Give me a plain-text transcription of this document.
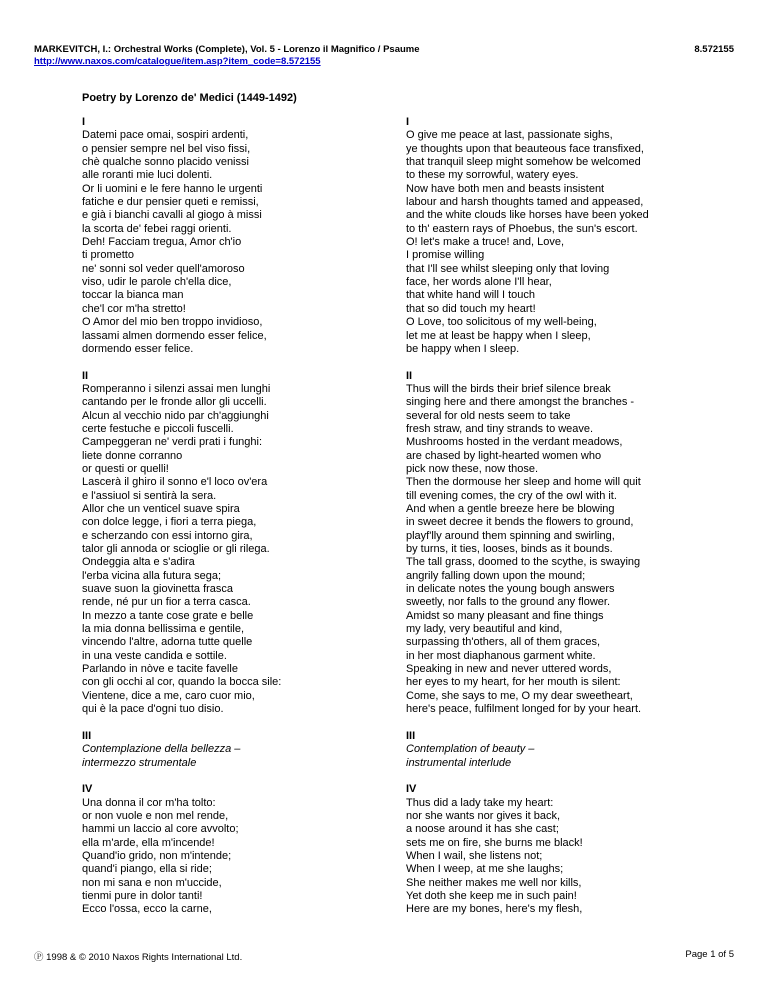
MARKEVITCH, I.: Orchestral Works (Complete), Vol. 5 - Lorenzo il Magnifico / Psaume
http://www.naxos.com/catalogue/item.asp?item_code=8.572155
8.572155
Poetry by Lorenzo de' Medici (1449-1492)
I
Datemi pace omai, sospiri ardenti,
o pensier sempre nel bel viso fissi,
chè qualche sonno placido venissi
alle roranti mie luci dolenti.
Or li uomini e le fere hanno le urgenti
fatiche e dur pensier queti e remissi,
e già i bianchi cavalli al giogo à missi
la scorta de' febei raggi orienti.
Deh! Facciam tregua, Amor ch'io
ti prometto
ne' sonni sol veder quell'amoroso
viso, udir le parole ch'ella dice,
toccar la bianca man
che'l cor m'ha stretto!
O Amor del mio ben troppo invidioso,
lassami almen dormendo esser felice,
dormendo esser felice.
II
Romperanno i silenzi assai men lunghi
cantando per le fronde allor gli uccelli.
Alcun al vecchio nido par ch'aggiunghi
certe festuche e piccoli fuscelli.
Campeggeran ne' verdi prati i funghi:
liete donne corranno
or questi or quelli!
Lascerà il ghiro il sonno e'l loco ov'era
e l'assiuol si sentirà la sera.
Allor che un venticel suave spira
con dolce legge, i fiori a terra piega,
e scherzando con essi intorno gira,
talor gli annoda or scioglie or gli rilega.
Ondeggia alta e s'adira
l'erba vicina alla futura sega;
suave suon la giovinetta frasca
rende, né pur un fior a terra casca.
In mezzo a tante cose grate e belle
la mia donna bellissima e gentile,
vincendo l'altre, adorna tutte quelle
in una veste candida e sottile.
Parlando in nòve e tacite favelle
con gli occhi al cor, quando la bocca sile:
Vientene, dice a me, caro cuor mio,
qui è la pace d'ogni tuo disio.
III
Contemplazione della bellezza –
intermezzo strumentale
IV
Una donna il cor m'ha tolto:
or non vuole e non mel rende,
hammi un laccio al core avvolto;
ella m'arde, ella m'incende!
Quand'io grido, non m'intende;
quand'i piango, ella si ride;
non mi sana e non m'uccide,
tienmi pure in dolor tanti!
Ecco l'ossa, ecco la carne,
I
O give me peace at last, passionate sighs,
ye thoughts upon that beauteous face transfixed,
that tranquil sleep might somehow be welcomed
to these my sorrowful, watery eyes.
Now have both men and beasts insistent
labour and harsh thoughts tamed and appeased,
and the white clouds like horses have been yoked
to th' eastern rays of Phoebus, the sun's escort.
O! let's make a truce! and, Love,
I promise willing
that I'll see whilst sleeping only that loving
face, her words alone I'll hear,
that white hand will I touch
that so did touch my heart!
O Love, too solicitous of my well-being,
let me at least be happy when I sleep,
be happy when I sleep.
II
Thus will the birds their brief silence break
singing here and there amongst the branches -
several for old nests seem to take
fresh straw, and tiny strands to weave.
Mushrooms hosted in the verdant meadows,
are chased by light-hearted women who
pick now these, now those.
Then the dormouse her sleep and home will quit
till evening comes, the cry of the owl with it.
And when a gentle breeze here be blowing
in sweet decree it bends the flowers to ground,
playf'lly around them spinning and swirling,
by turns, it ties, looses, binds as it bounds.
The tall grass, doomed to the scythe, is swaying
angrily falling down upon the mound;
in delicate notes the young bough answers
sweetly, nor falls to the ground any flower.
Amidst so many pleasant and fine things
my lady, very beautiful and kind,
surpassing th'others, all of them graces,
in her most diaphanous garment white.
Speaking in new and never uttered words,
her eyes to my heart, for her mouth is silent:
Come, she says to me, O my dear sweetheart,
here's peace, fulfilment longed for by your heart.
III
Contemplation of beauty –
instrumental interlude
IV
Thus did a lady take my heart:
nor she wants nor gives it back,
a noose around it has she cast;
sets me on fire, she burns me black!
When I wail, she listens not;
When I weep, at me she laughs;
She neither makes me well nor kills,
Yet doth she keep me in such pain!
Here are my bones, here's my flesh,
Ⓟ 1998 & © 2010 Naxos Rights International Ltd.	Page 1 of 5
